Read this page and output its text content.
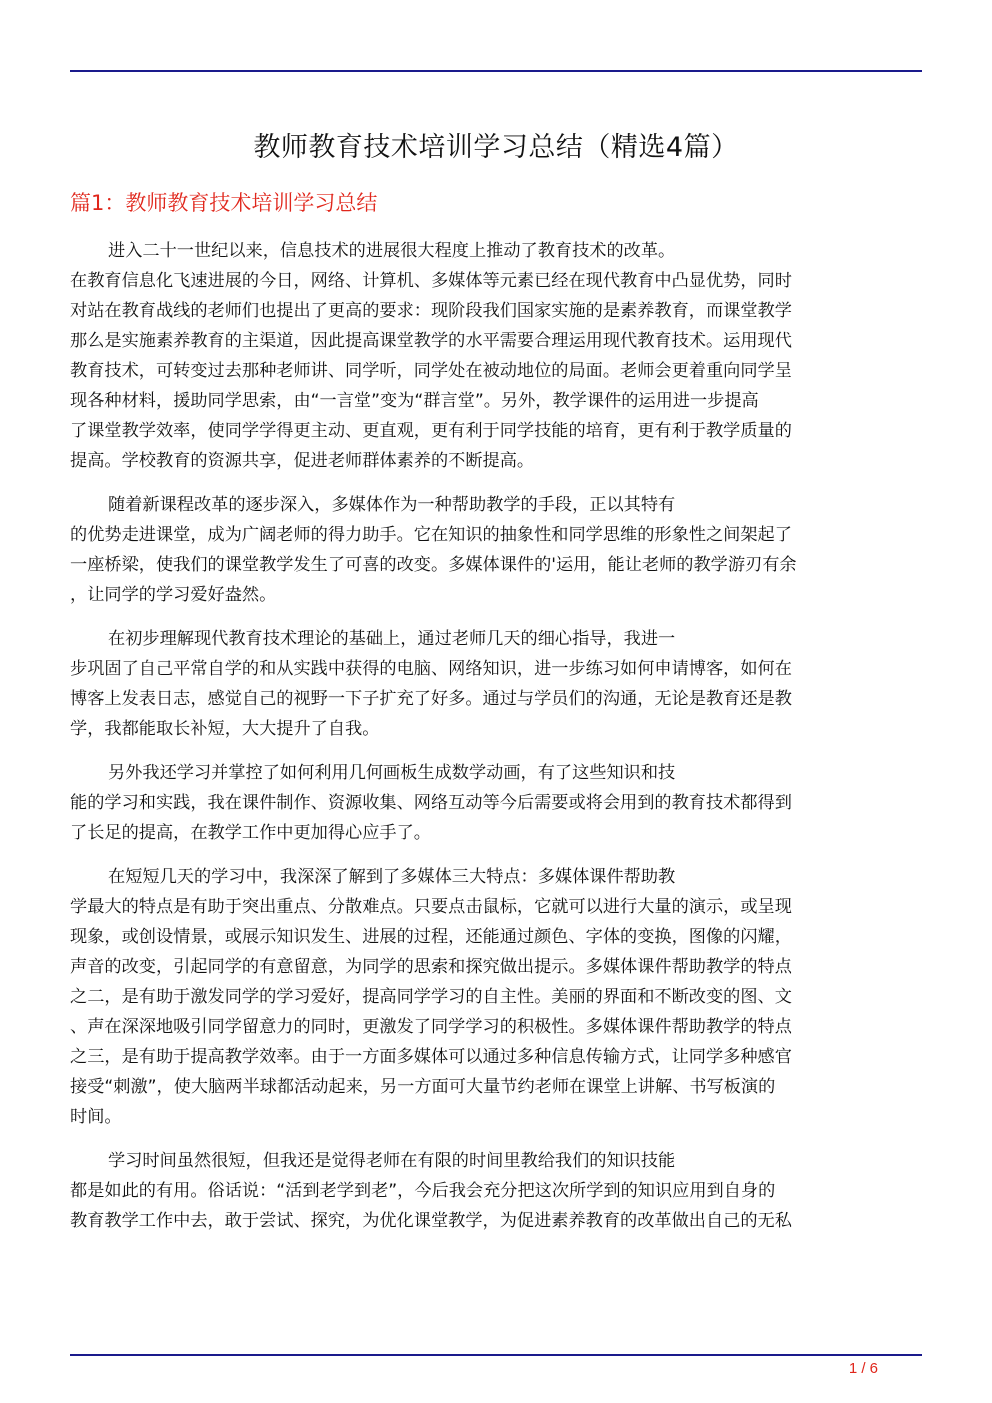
教师教育技术培训学习总结（精选4篇）
篇1：教师教育技术培训学习总结

进入二十一世纪以来，信息技术的进展很大程度上推动了教育技术的改革。
在教育信息化飞速进展的今日，网络、计算机、多媒体等元素已经在现代教育中凸显优势，同时
对站在教育战线的老师们也提出了更高的要求：现阶段我们国家实施的是素养教育，而课堂教学
那么是实施素养教育的主渠道，因此提高课堂教学的水平需要合理运用现代教育技术。运用现代
教育技术，可转变过去那种老师讲、同学听，同学处在被动地位的局面。老师会更着重向同学呈
现各种材料，援助同学思索，由“一言堂”变为“群言堂”。另外，教学课件的运用进一步提高
了课堂教学效率，使同学学得更主动、更直观，更有利于同学技能的培育，更有利于教学质量的
提高。学校教育的资源共享，促进老师群体素养的不断提高。

随着新课程改革的逐步深入，多媒体作为一种帮助教学的手段，正以其特有
的优势走进课堂，成为广阔老师的得力助手。它在知识的抽象性和同学思维的形象性之间架起了
一座桥梁，使我们的课堂教学发生了可喜的改变。多媒体课件的'运用，能让老师的教学游刃有余
，让同学的学习爱好盎然。

在初步理解现代教育技术理论的基础上，通过老师几天的细心指导，我进一
步巩固了自己平常自学的和从实践中获得的电脑、网络知识，进一步练习如何申请博客，如何在
博客上发表日志，感觉自己的视野一下子扩充了好多。通过与学员们的沟通，无论是教育还是教
学，我都能取长补短，大大提升了自我。

另外我还学习并掌控了如何利用几何画板生成数学动画，有了这些知识和技
能的学习和实践，我在课件制作、资源收集、网络互动等今后需要或将会用到的教育技术都得到
了长足的提高，在教学工作中更加得心应手了。

在短短几天的学习中，我深深了解到了多媒体三大特点：多媒体课件帮助教
学最大的特点是有助于突出重点、分散难点。只要点击鼠标，它就可以进行大量的演示，或呈现
现象，或创设情景，或展示知识发生、进展的过程，还能通过颜色、字体的变换，图像的闪耀，
声音的改变，引起同学的有意留意，为同学的思索和探究做出提示。多媒体课件帮助教学的特点
之二，是有助于激发同学的学习爱好，提高同学学习的自主性。美丽的界面和不断改变的图、文
、声在深深地吸引同学留意力的同时，更激发了同学学习的积极性。多媒体课件帮助教学的特点
之三，是有助于提高教学效率。由于一方面多媒体可以通过多种信息传输方式，让同学多种感官
接受“刺激”，使大脑两半球都活动起来，另一方面可大量节约老师在课堂上讲解、书写板演的
时间。

学习时间虽然很短，但我还是觉得老师在有限的时间里教给我们的知识技能
都是如此的有用。俗话说：“活到老学到老”，今后我会充分把这次所学到的知识应用到自身的
教育教学工作中去，敢于尝试、探究，为优化课堂教学，为促进素养教育的改革做出自己的无私

1 / 6
